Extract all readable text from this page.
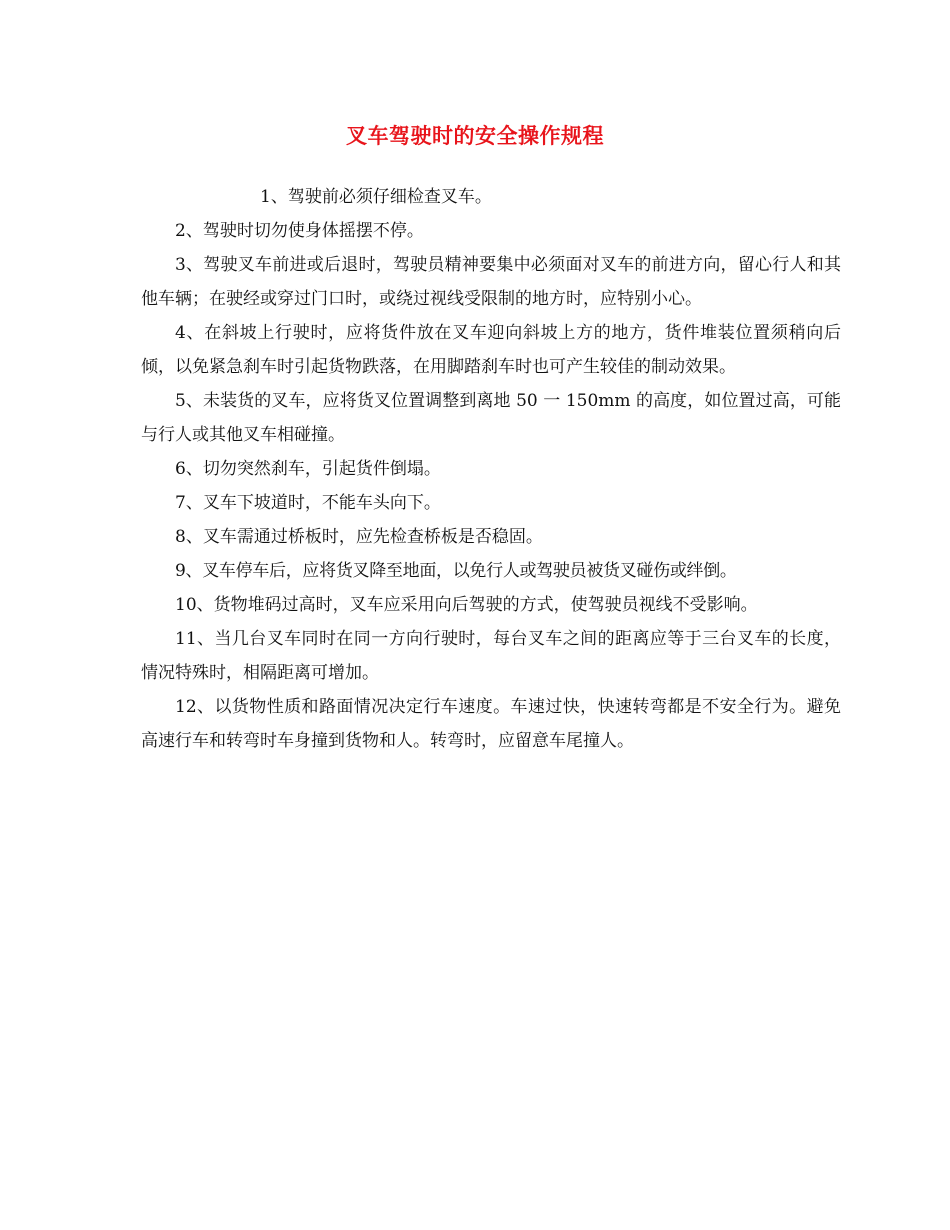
叉车驾驶时的安全操作规程

1、驾驶前必须仔细检查叉车。

2、驾驶时切勿使身体摇摆不停。

3、驾驶叉车前进或后退时，驾驶员精神要集中必须面对叉车的前进方向，留心行人和其他车辆；在驶经或穿过门口时，或绕过视线受限制的地方时，应特别小心。

4、在斜坡上行驶时，应将货件放在叉车迎向斜坡上方的地方，货件堆装位置须稍向后倾，以免紧急刹车时引起货物跌落，在用脚踏刹车时也可产生较佳的制动效果。

5、未装货的叉车，应将货叉位置调整到离地 50 一 150mm 的高度，如位置过高，可能与行人或其他叉车相碰撞。

6、切勿突然刹车，引起货件倒塌。

7、叉车下坡道时，不能车头向下。

8、叉车需通过桥板时，应先检查桥板是否稳固。

9、叉车停车后，应将货叉降至地面，以免行人或驾驶员被货叉碰伤或绊倒。

10、货物堆码过高时，叉车应采用向后驾驶的方式，使驾驶员视线不受影响。

11、当几台叉车同时在同一方向行驶时，每台叉车之间的距离应等于三台叉车的长度，情况特殊时，相隔距离可增加。

12、以货物性质和路面情况决定行车速度。车速过快，快速转弯都是不安全行为。避免高速行车和转弯时车身撞到货物和人。转弯时，应留意车尾撞人。
